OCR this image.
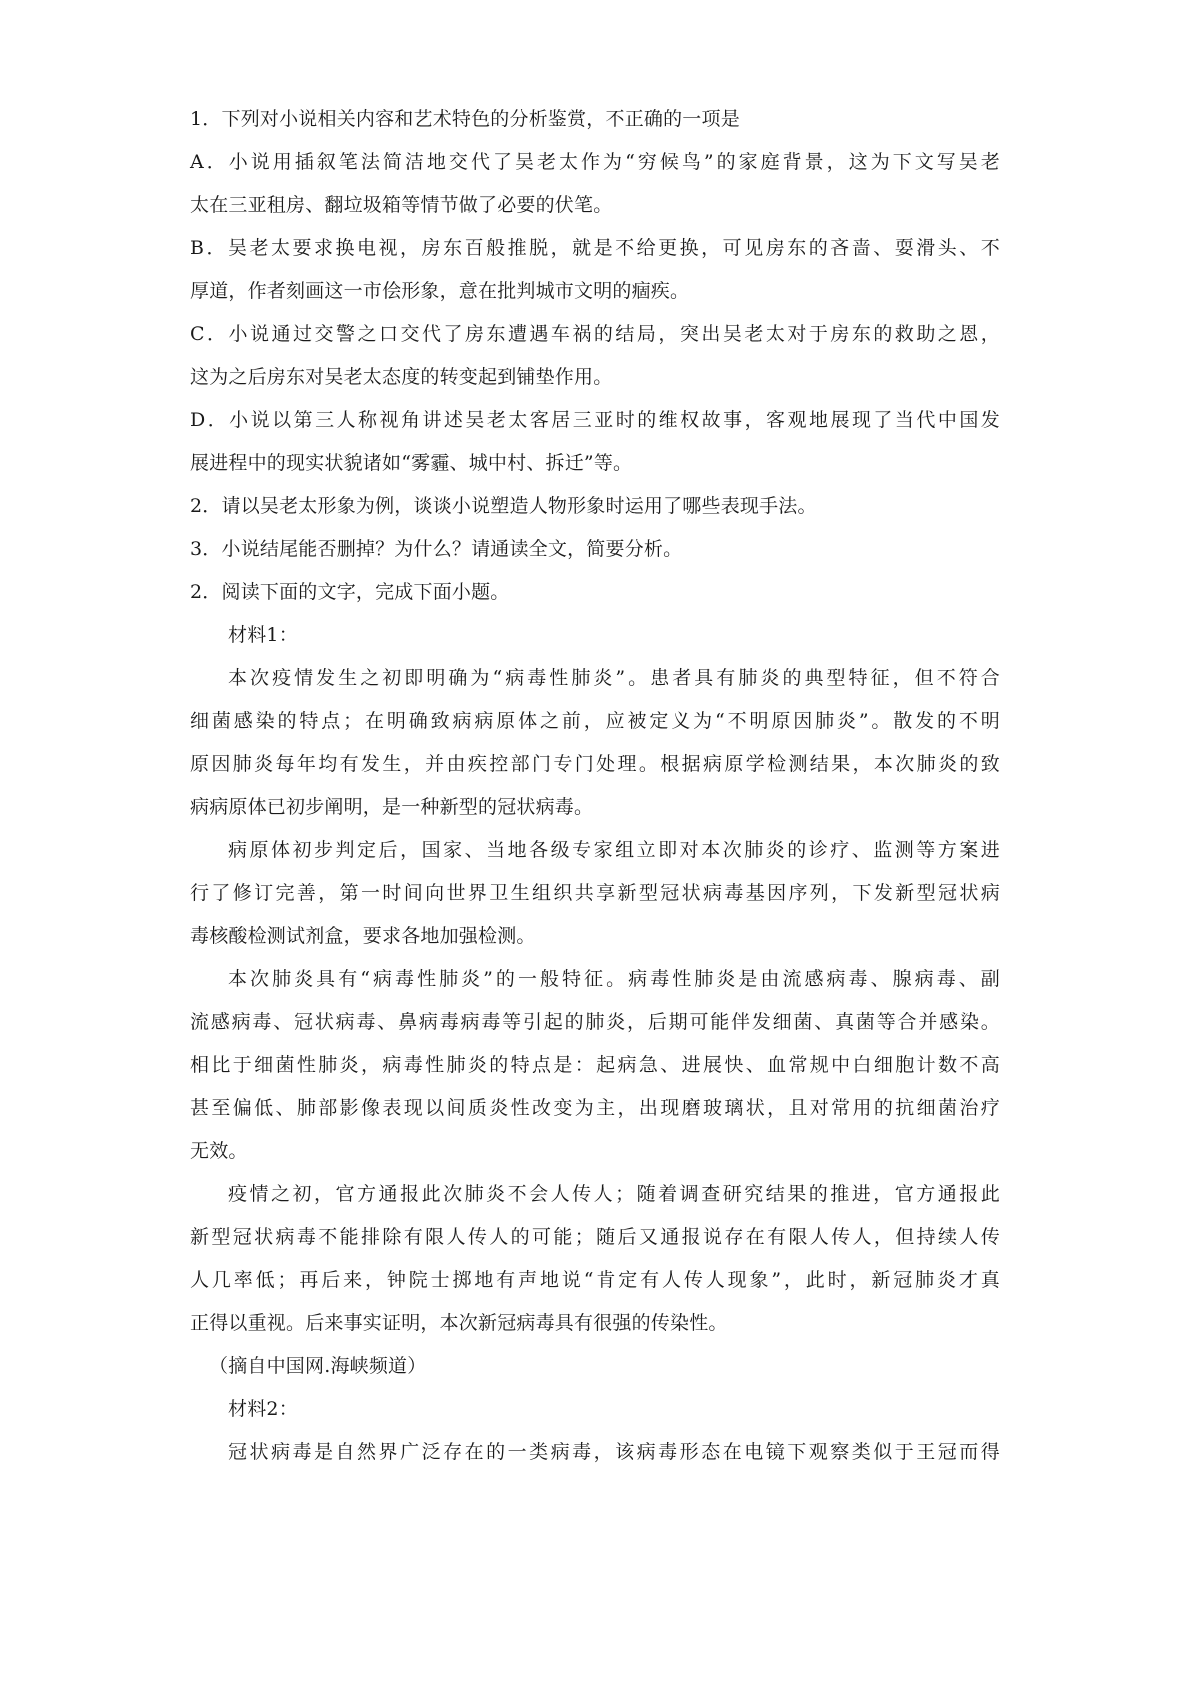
1．下列对小说相关内容和艺术特色的分析鉴赏，不正确的一项是
A．小说用插叙笔法简洁地交代了吴老太作为“穷候鸟”的家庭背景，这为下文写吴老
太在三亚租房、翻垃圾箱等情节做了必要的伏笔。
B．吴老太要求换电视，房东百般推脱，就是不给更换，可见房东的吝啬、耍滑头、不
厚道，作者刻画这一市侩形象，意在批判城市文明的痼疾。
C．小说通过交警之口交代了房东遭遇车祸的结局，突出吴老太对于房东的救助之恩，
这为之后房东对吴老太态度的转变起到铺垫作用。
D．小说以第三人称视角讲述吴老太客居三亚时的维权故事，客观地展现了当代中国发
展进程中的现实状貌诸如“雾霾、城中村、拆迁”等。
2．请以吴老太形象为例，谈谈小说塑造人物形象时运用了哪些表现手法。
3．小说结尾能否删掉？为什么？请通读全文，简要分析。
2．阅读下面的文字，完成下面小题。
材料1：
本次疫情发生之初即明确为“病毒性肺炎”。患者具有肺炎的典型特征，但不符合
细菌感染的特点；在明确致病病原体之前，应被定义为“不明原因肺炎”。散发的不明
原因肺炎每年均有发生，并由疾控部门专门处理。根据病原学检测结果，本次肺炎的致
病病原体已初步阐明，是一种新型的冠状病毒。
病原体初步判定后，国家、当地各级专家组立即对本次肺炎的诊疗、监测等方案进
行了修订完善，第一时间向世界卫生组织共享新型冠状病毒基因序列，下发新型冠状病
毒核酸检测试剂盒，要求各地加强检测。
本次肺炎具有“病毒性肺炎”的一般特征。病毒性肺炎是由流感病毒、腺病毒、副
流感病毒、冠状病毒、鼻病毒病毒等引起的肺炎，后期可能伴发细菌、真菌等合并感染。
相比于细菌性肺炎，病毒性肺炎的特点是：起病急、进展快、血常规中白细胞计数不高
甚至偏低、肺部影像表现以间质炎性改变为主，出现磨玻璃状，且对常用的抗细菌治疗
无效。
疫情之初，官方通报此次肺炎不会人传人；随着调查研究结果的推进，官方通报此
新型冠状病毒不能排除有限人传人的可能；随后又通报说存在有限人传人，但持续人传
人几率低；再后来，钟院士掷地有声地说“肯定有人传人现象”，此时，新冠肺炎才真
正得以重视。后来事实证明，本次新冠病毒具有很强的传染性。
（摘自中国网.海峡频道）
材料2：
冠状病毒是自然界广泛存在的一类病毒，该病毒形态在电镜下观察类似于王冠而得
